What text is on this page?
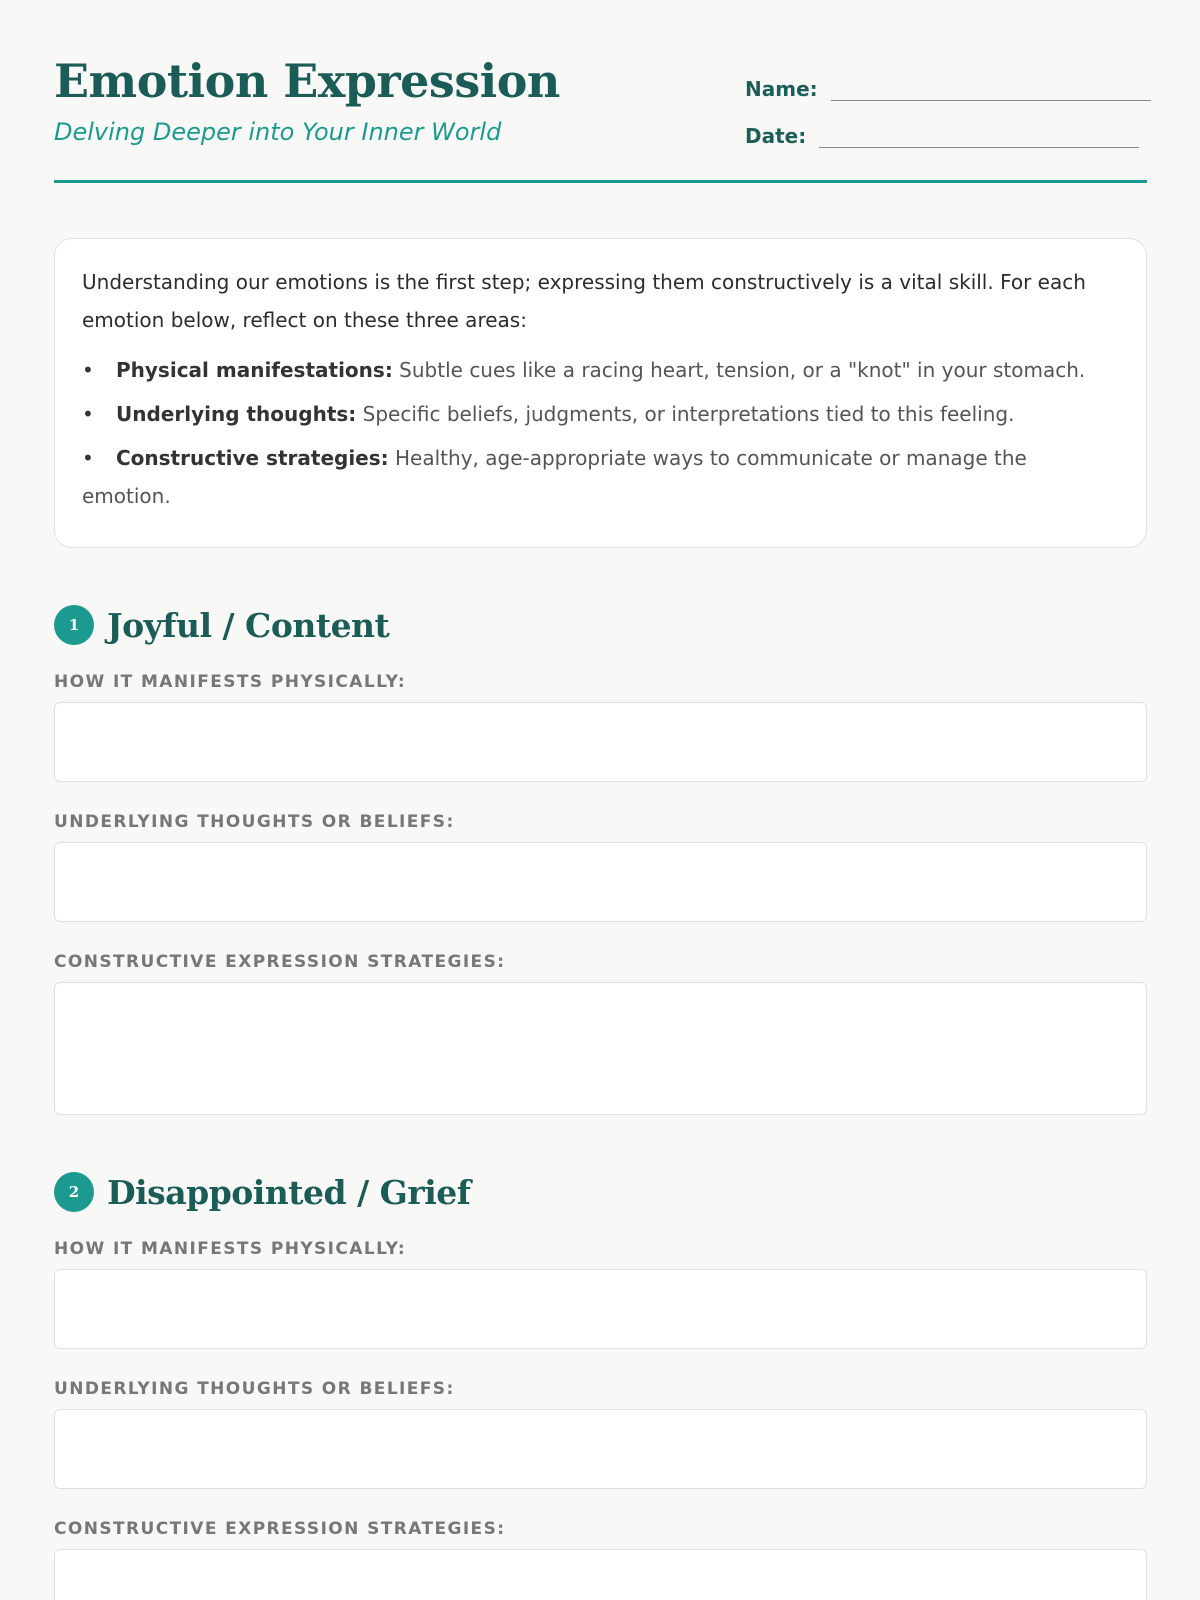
Emotion Expression
Delving Deeper into Your Inner World
Name:
Date:

Understanding our emotions is the first step; expressing them constructively is a vital skill. For each emotion below, reflect on these three areas:

• Physical manifestations: Subtle cues like a racing heart, tension, or a "knot" in your stomach.
• Underlying thoughts: Specific beliefs, judgments, or interpretations tied to this feeling.
• Constructive strategies: Healthy, age-appropriate ways to communicate or manage the emotion.
1 Joyful / Content
HOW IT MANIFESTS PHYSICALLY:
UNDERLYING THOUGHTS OR BELIEFS:
CONSTRUCTIVE EXPRESSION STRATEGIES:
2 Disappointed / Grief
HOW IT MANIFESTS PHYSICALLY:
UNDERLYING THOUGHTS OR BELIEFS:
CONSTRUCTIVE EXPRESSION STRATEGIES:
